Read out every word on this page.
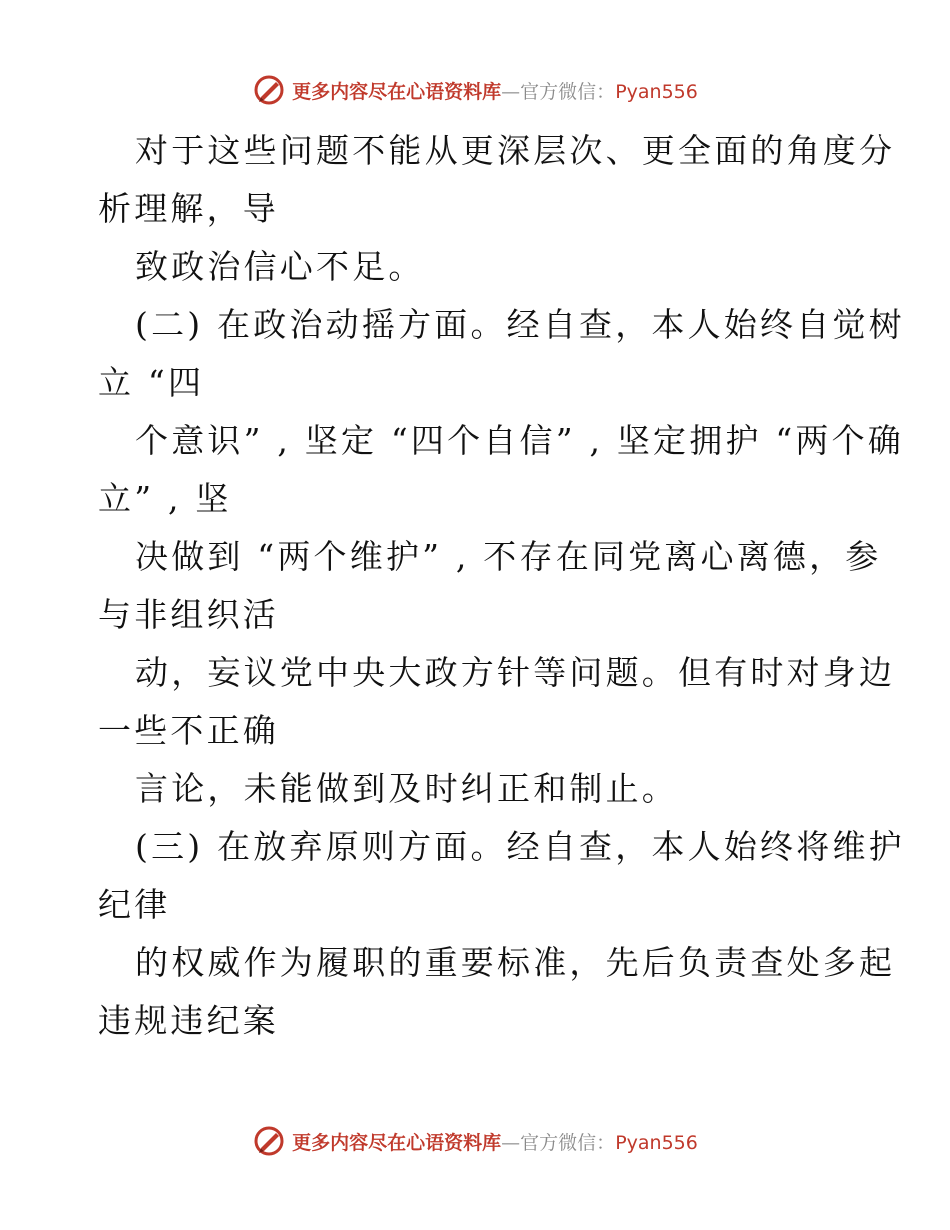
更多内容尽在心语资料库—官方微信：Pyan556
对于这些问题不能从更深层次、更全面的角度分
析理解，导
致政治信心不足。
(二) 在政治动摇方面。经自查，本人始终自觉树
立 “四
个意识” , 坚定 “四个自信” , 坚定拥护 “两个确
立” , 坚
决做到 “两个维护” , 不存在同党离心离德，参
与非组织活
动，妄议党中央大政方针等问题。但有时对身边
一些不正确
言论，未能做到及时纠正和制止。
(三) 在放弃原则方面。经自查，本人始终将维护
纪律
的权威作为履职的重要标准，先后负责查处多起
违规违纪案
更多内容尽在心语资料库—官方微信：Pyan556
